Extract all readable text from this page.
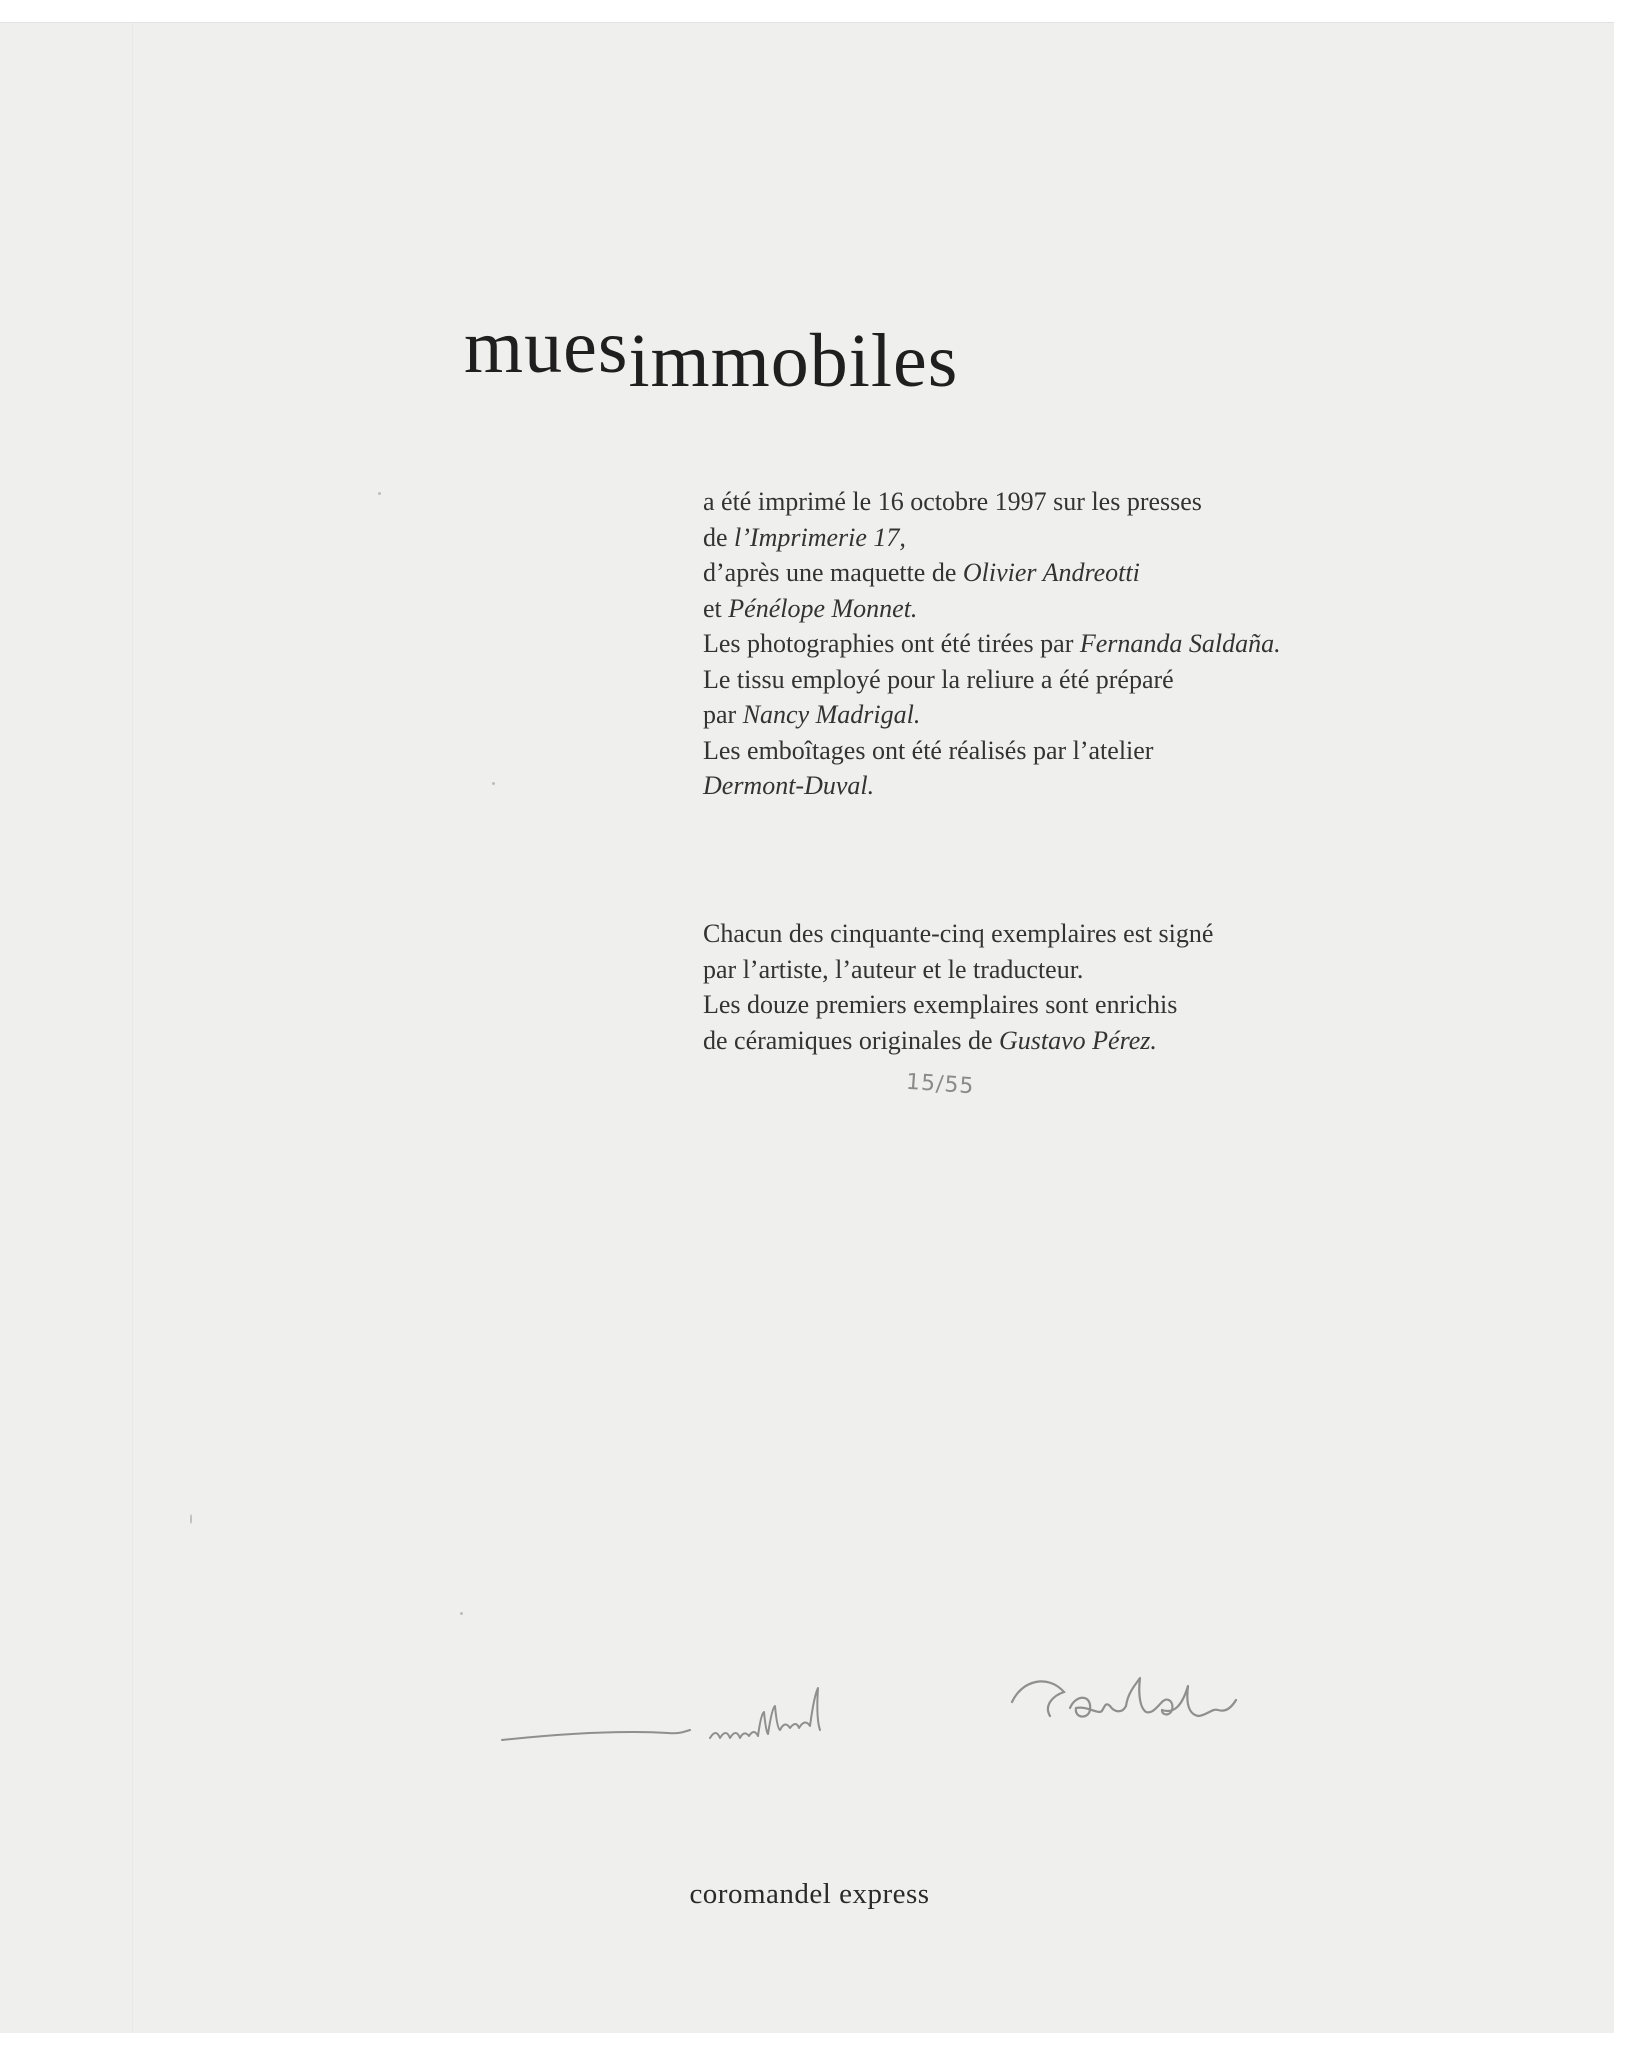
muesimmobiles
a été imprimé le 16 octobre 1997 sur les presses
de l’Imprimerie 17,
d’après une maquette de Olivier Andreotti
et Pénélope Monnet.
Les photographies ont été tirées par Fernanda Saldaña.
Le tissu employé pour la reliure a été préparé
par Nancy Madrigal.
Les emboîtages ont été réalisés par l’atelier
Dermont-Duval.
Chacun des cinquante-cinq exemplaires est signé
par l’artiste, l’auteur et le traducteur.
Les douze premiers exemplaires sont enrichis
de céramiques originales de Gustavo Pérez.
15/55
coromandel express
